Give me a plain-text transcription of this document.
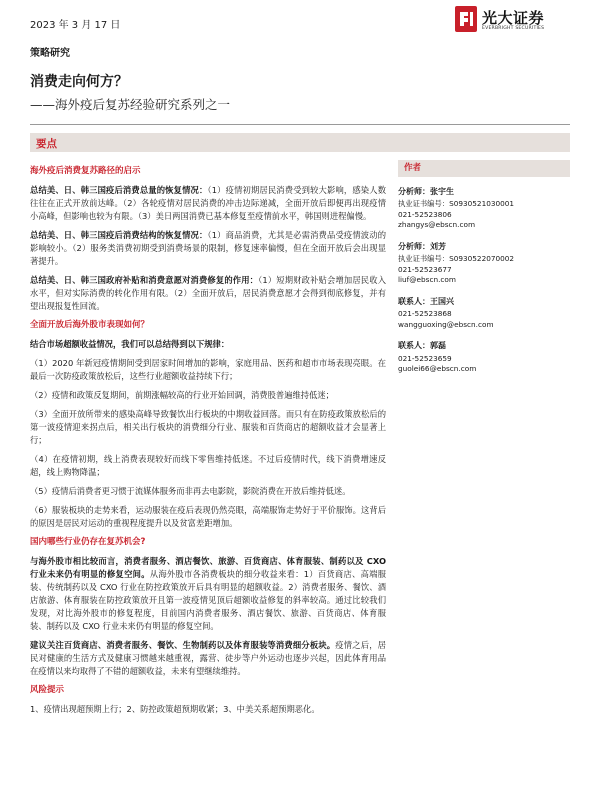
2023 年 3 月 17 日	光大证券
EVERBRIGHT SECURITIES
策略研究
消费走向何方？
——海外疫后复苏经验研究系列之一
要点
海外疫后消费复苏路径的启示

总结美、日、韩三国疫后消费总量的恢复情况：（1）疫情初期居民消费受到较大影响，感染人数往往在正式开放前达峰。（2）各轮疫情对居民消费的冲击边际递减，全面开放后即便再出现疫情小高峰，但影响也较为有限。（3）美日两国消费已基本修复至疫情前水平，韩国则进程偏慢。

总结美、日、韩三国疫后消费结构的恢复情况：（1）商品消费，尤其是必需消费品受疫情波动的影响较小。（2）服务类消费初期受到消费场景的限制，修复速率偏慢，但在全面开放后会出现显著提升。

总结美、日、韩三国政府补贴和消费意愿对消费修复的作用：（1）短期财政补贴会增加居民收入水平，但对实际消费的转化作用有限。（2）全面开放后，居民消费意愿才会得到彻底修复，并有望出现报复性回流。

全面开放后海外股市表现如何？

结合市场超额收益情况，我们可以总结得到以下规律：

（1）2020 年新冠疫情期间受到居家时间增加的影响，家庭用品、医药和超市市场表现亮眼。在最后一次防疫政策放松后，这些行业超额收益持续下行；

（2）疫情和政策反复期间，前期涨幅较高的行业开始回调，消费股普遍维持低迷；

（3）全面开放所带来的感染高峰导致餐饮出行板块的中期收益回落。而只有在防疫政策放松后的第一波疫情迎来拐点后，相关出行板块的消费细分行业、服装和百货商店的超额收益才会显著上行；

（4）在疫情初期，线上消费表现较好而线下零售维持低迷。不过后疫情时代，线下消费增速反超，线上购物降温；

（5）疫情后消费者更习惯于流媒体服务而非再去电影院，影院消费在开放后维持低迷。

（6）服装板块的走势来看，运动服装在疫后表现仍然亮眼，高端服饰走势好于平价服饰。这背后的原因是居民对运动的重视程度提升以及贫富差距增加。

国内哪些行业仍存在复苏机会?

与海外股市相比较而言，消费者服务、酒店餐饮、旅游、百货商店、体育服装、制药以及 CXO 行业未来仍有明显的修复空间。从海外股市各消费板块的细分收益来看：1）百货商店、高端服装、传统制药以及 CXO 行业在防控政策放开后具有明显的超额收益。2）消费者服务、餐饮、酒店旅游、体育服装在防控政策放开且第一波疫情见顶后超额收益修复的斜率较高。通过比较我们发现，对比海外股市的修复程度，目前国内消费者服务、酒店餐饮、旅游、百货商店、体育服装、制药以及 CXO 行业未来仍有明显的修复空间。

建议关注百货商店、消费者服务、餐饮、生物制药以及体育服装等消费细分板块。疫情之后，居民对健康的生活方式及健康习惯越来越重视，露营、徒步等户外运动也逐步兴起，因此体育用品在疫情以来均取得了不错的超额收益，未来有望继续维持。

风险提示

1、疫情出现超预期上行；2、防控政策超预期收紧；3、中美关系超预期恶化。

作者
分析师：张宇生
执业证书编号：S0930521030001
021-52523806
zhangys@ebscn.com
分析师：刘芳
执业证书编号：S0930522070002
021-52523677
liuf@ebscn.com
联系人：王国兴
021-52523868
wangguoxing@ebscn.com
联系人：郭磊
021-52523659
guolei66@ebscn.com
